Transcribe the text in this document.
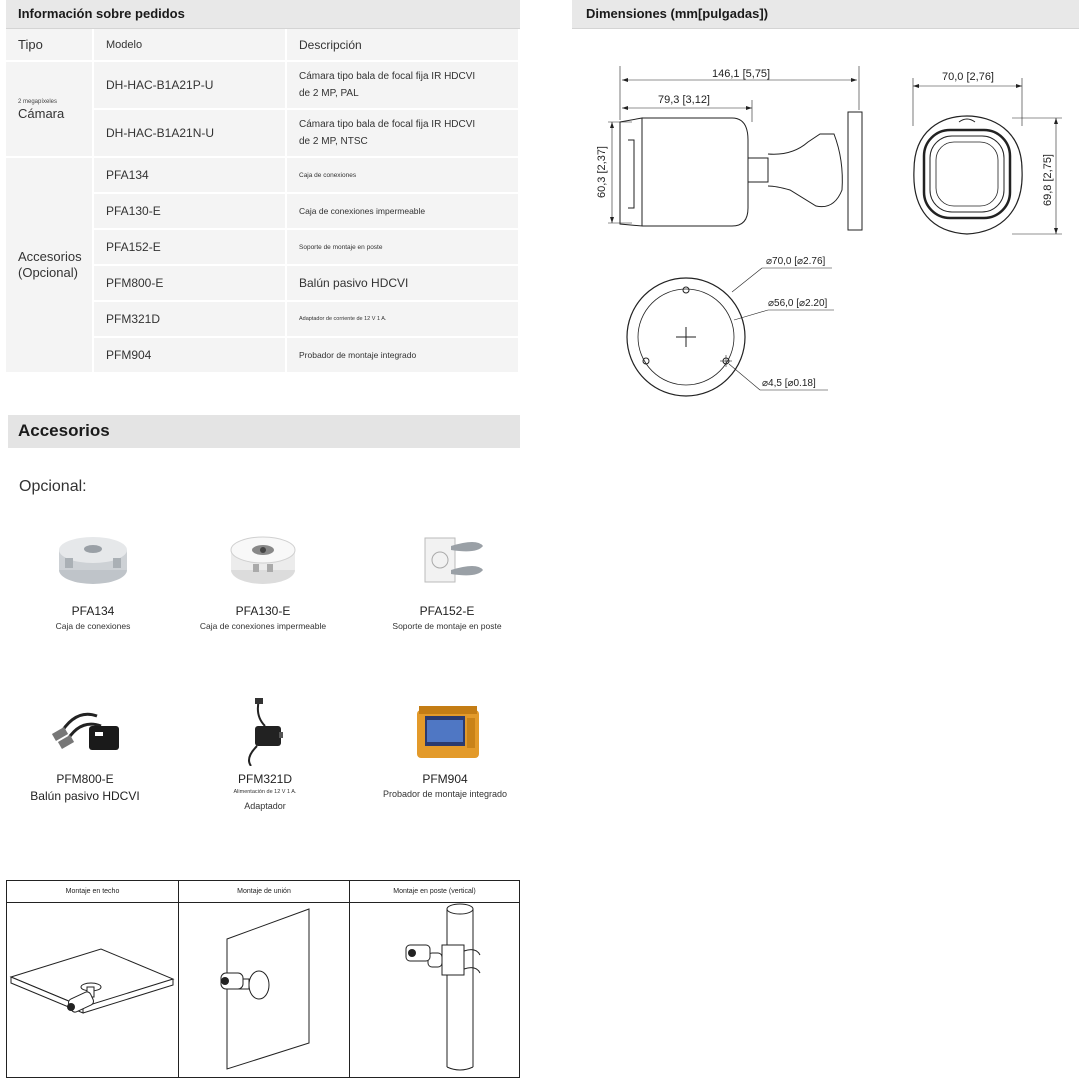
Información sobre pedidos
Tipo	Modelo	Descripción

2 megapíxeles
Cámara	DH-HAC-B1A21P-U	Cámara tipo bala de focal fija IR HDCVI de 2 MP, PAL
	DH-HAC-B1A21N-U	Cámara tipo bala de focal fija IR HDCVI de 2 MP, NTSC
Accesorios (Opcional)	PFA134	Caja de conexiones
	PFA130-E	Caja de conexiones impermeable
	PFA152-E	Soporte de montaje en poste
	PFM800-E	Balún pasivo HDCVI
	PFM321D	Adaptador de corriente de 12 V 1 A.
	PFM904	Probador de montaje integrado
Accesorios
Opcional:
PFA134
Caja de conexiones
PFA130-E
Caja de conexiones impermeable
PFA152-E
Soporte de montaje en poste
PFM800-E
Balún pasivo HDCVI
PFM321D
Alimentación de 12 V 1 A.
Adaptador
PFM904
Probador de montaje integrado
Montaje en techo	Montaje de unión	Montaje en poste (vertical)
Dimensiones (mm[pulgadas])
146,1 [5,75]
79,3 [3,12]
60,3 [2,37]
70,0 [2,76]
69,8 [2,75]
⌀70,0 [⌀2.76]
⌀56,0 [⌀2.20]
⌀4,5 [⌀0.18]
